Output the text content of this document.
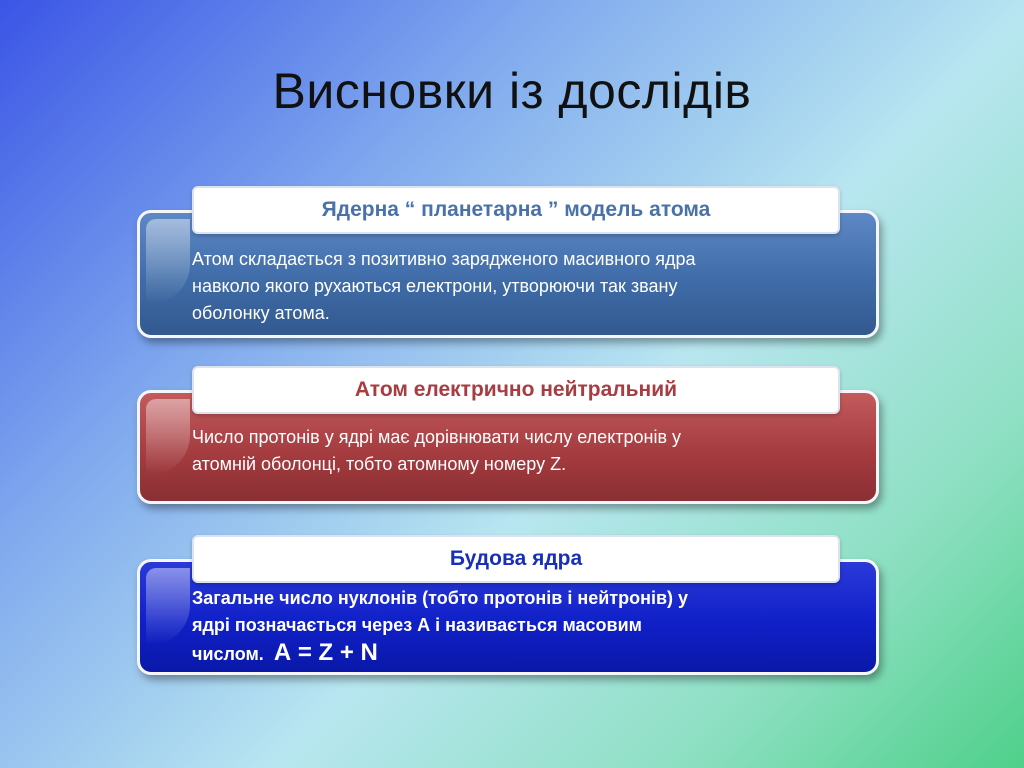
Висновки із дослідів
Ядерна “ планетарна ” модель атома
Атом складається з позитивно зарядженого масивного ядра
навколо якого рухаються електрони, утворюючи так звану
оболонку атома.
Атом електрично нейтральний
Число протонів у ядрі має дорівнювати числу електронів у
атомній оболонці, тобто атомному номеру Z.
Будова ядра
Загальне число нуклонів (тобто протонів і нейтронів) у
ядрі позначається через А і називається масовим
числом. А = Z + N
